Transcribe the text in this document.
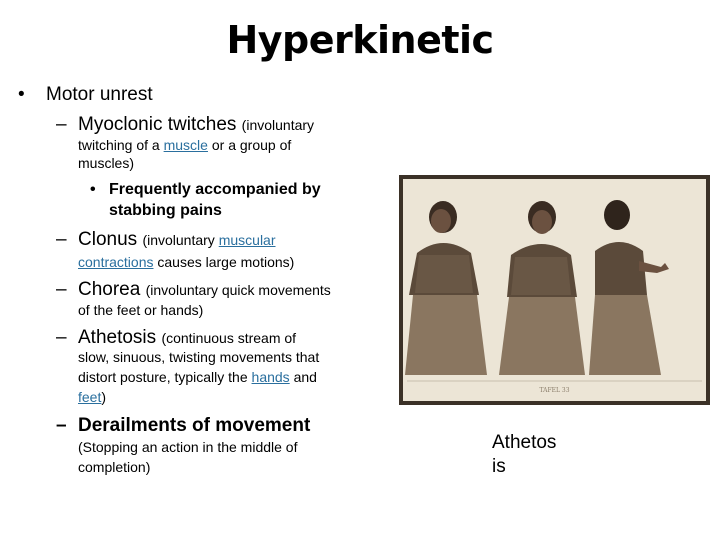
Hyperkinetic
• Motor unrest
– Myoclonic twitches (involuntary
twitching of a muscle or a group of
muscles)
• Frequently accompanied by
stabbing pains
– Clonus (involuntary muscular
contractions causes large motions)
– Chorea (involuntary quick movements
of the feet or hands)
– Athetosis (continuous stream of
slow, sinuous, twisting movements that
distort posture, typically the hands and
feet)
– Derailments of movement
(Stopping an action in the middle of
completion)
TAFEL 33
Athetos
is
